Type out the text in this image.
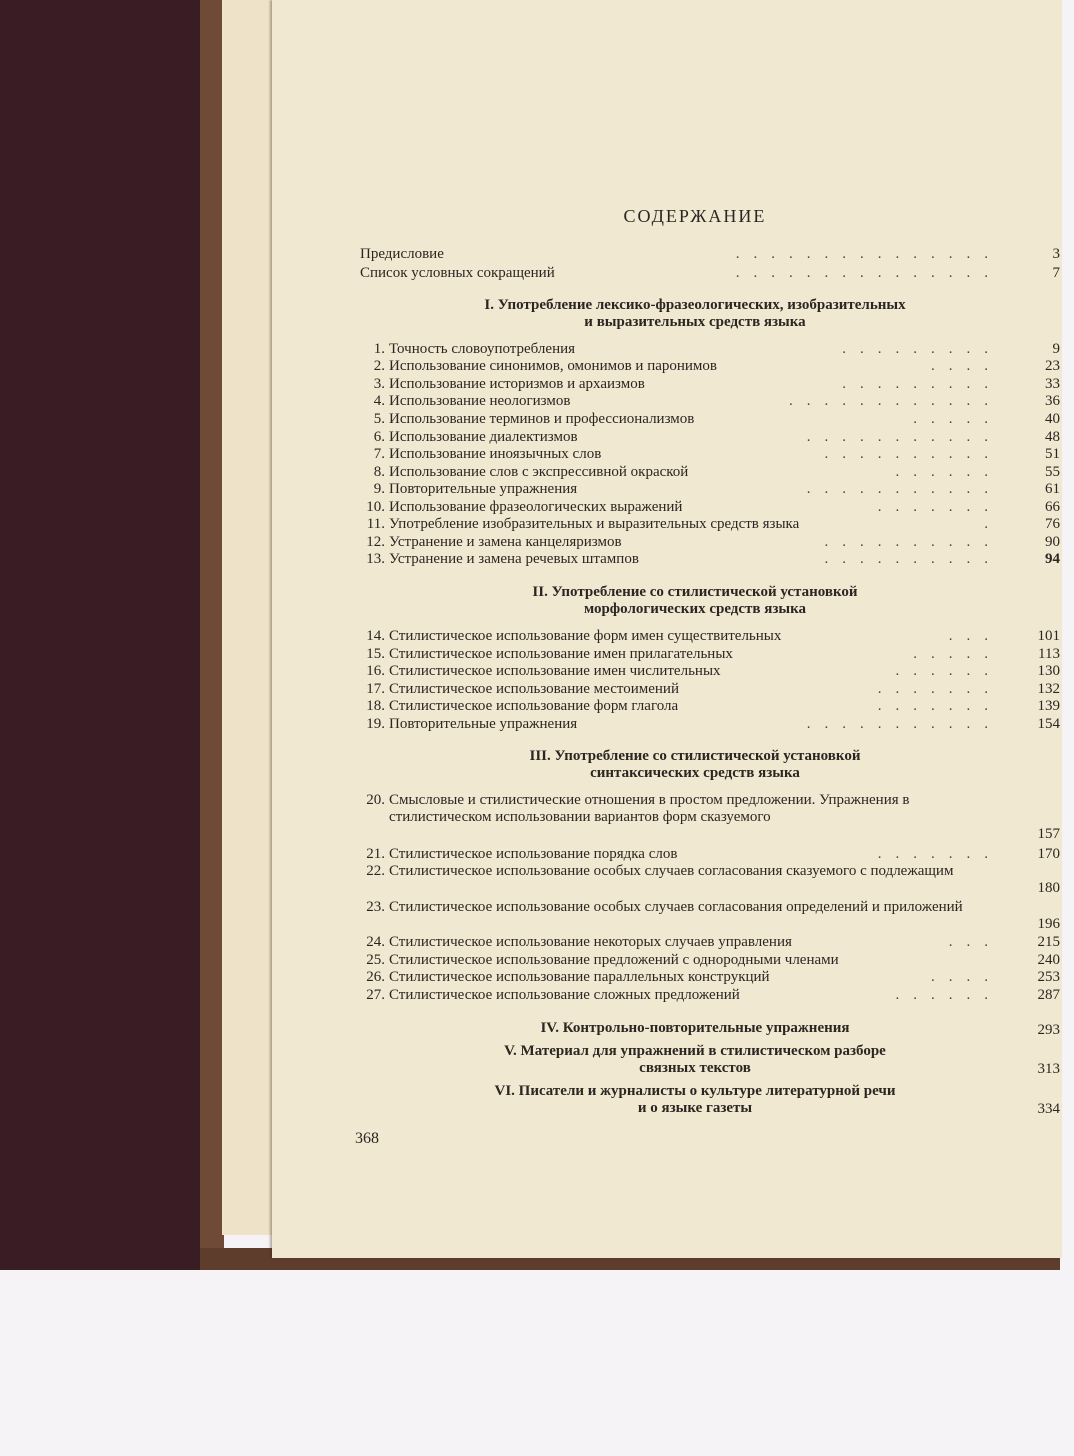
СОДЕРЖАНИЕ
Предисловие	...............	3
Список условных сокращений	...............	7
I. Употребление лексико-фразеологических, изобразительных
и выразительных средств языка
1. Точность словоупотребления	.........	9
2. Использование синонимов, омонимов и паронимов	....	23
3. Использование историзмов и архаизмов	.........	33
4. Использование неологизмов	............	36
5. Использование терминов и профессионализмов	.....	40
6. Использование диалектизмов	...........	48
7. Использование иноязычных слов	..........	51
8. Использование слов с экспрессивной окраской	......	55
9. Повторительные упражнения	...........	61
10. Использование фразеологических выражений	.......	66
11. Употребление изобразительных и выразительных средств языка	.	76
12. Устранение и замена канцеляризмов	..........	90
13. Устранение и замена речевых штампов	..........	94
II. Употребление со стилистической установкой
морфологических средств языка
14. Стилистическое использование форм имен существительных	... 101
15. Стилистическое использование имен прилагательных	..... 113
16. Стилистическое использование имен числительных	...... 130
17. Стилистическое использование местоимений	....... 132
18. Стилистическое использование форм глагола	....... 139
19. Повторительные упражнения	........... 154
III. Употребление со стилистической установкой
синтаксических средств языка
20. Смысловые и стилистические отношения в простом предложении. Упражнения в стилистическом использовании вариантов форм сказуемого
157
21. Стилистическое использование порядка слов	....... 170
22. Стилистическое использование особых случаев согласования сказуемого с подлежащим
180
23. Стилистическое использование особых случаев согласования определений и приложений
196
24. Стилистическое использование некоторых случаев управления	... 215
25. Стилистическое использование предложений с однородными членами	240
26. Стилистическое использование параллельных конструкций	.... 253
27. Стилистическое использование сложных предложений	...... 287
IV. Контрольно-повторительные упражнения	293
V. Материал для упражнений в стилистическом разборе
связных текстов	313
VI. Писатели и журналисты о культуре литературной речи
и о языке газеты	334
368
